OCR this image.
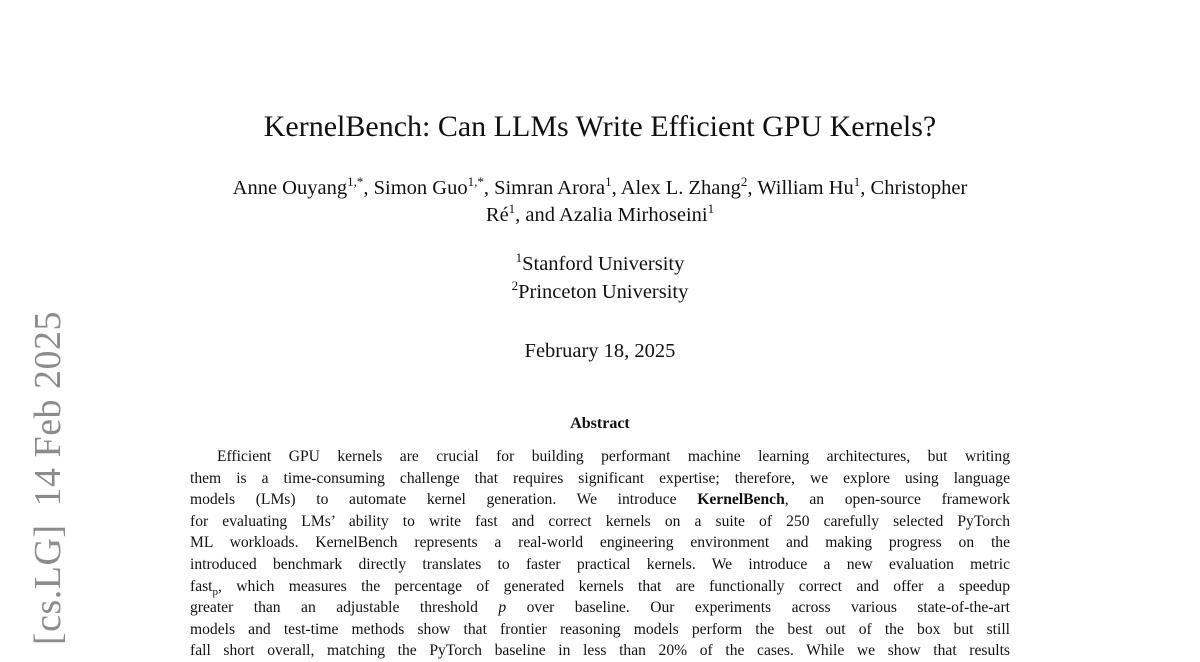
[cs.LG]14 Feb 2025
KernelBench: Can LLMs Write Efficient GPU Kernels?
Anne Ouyang$^{1,*}$, Simon Guo$^{1,*}$, Simran Arora$^1$, Alex L. Zhang$^2$, William Hu$^1$, Christopher
$Ré^1$, and Azalia Mirhoseini$^1$
$^1$Stanford University
$^2$Princeton University
February 18, 2025
Abstract
Efficient GPU kernels are crucial for building performant machine learning architectures, but writing
them is a time-consuming challenge that requires significant expertise; therefore, we explore using language
models (LMs) to automate kernel generation. We introduce KernelBench, an open-source framework
for evaluating LMs’ ability to write fast and correct kernels on a suite of 250 carefully selected PyTorch
ML workloads. KernelBench represents a real-world engineering environment and making progress on the
introduced benchmark directly translates to faster practical kernels. We introduce a new evaluation metric
fast$_p$, which measures the percentage of generated kernels that are functionally correct and offer a speedup
greater than an adjustable threshold p over baseline. Our experiments across various state-of-the-art
models and test-time methods show that frontier reasoning models perform the best out of the box but still
fall short overall, matching the PyTorch baseline in less than 20% of the cases. While we show that results
